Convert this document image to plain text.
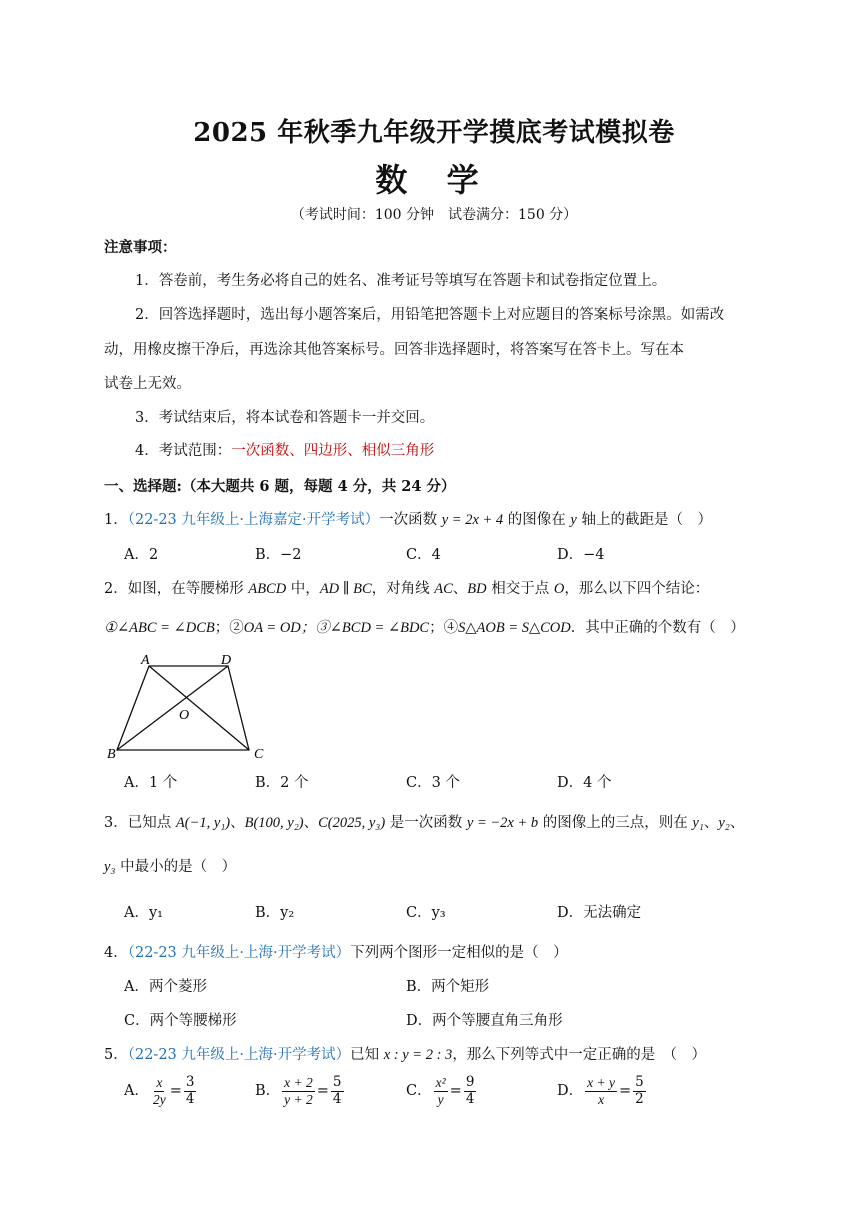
2025 年秋季九年级开学摸底考试模拟卷
数 学
（考试时间：100 分钟　试卷满分：150 分）
注意事项：
1．答卷前，考生务必将自己的姓名、准考证号等填写在答题卡和试卷指定位置上。
2．回答选择题时，选出每小题答案后，用铅笔把答题卡上对应题目的答案标号涂黑。如需改
动，用橡皮擦干净后，再选涂其他答案标号。回答非选择题时，将答案写在答卡上。写在本
试卷上无效。
3．考试结束后，将本试卷和答题卡一并交回。
4．考试范围：一次函数、四边形、相似三角形
一、选择题:（本大题共 6 题，每题 4 分，共 24 分）
1．（22-23 九年级上·上海嘉定·开学考试）一次函数 y = 2x + 4 的图像在 y 轴上的截距是（　）
A．2	B．−2	C．4	D．−4
2．如图，在等腰梯形 ABCD 中，AD ∥ BC，对角线 AC、BD 相交于点 O，那么以下四个结论：
①∠ABC = ∠DCB；②OA = OD；③∠BCD = ∠BDC；④S△AOB = S△COD．其中正确的个数有（　）
A	D
O
B	C
A．1 个	B．2 个	C．3 个	D．4 个
3．已知点 A(−1, y₁)、B(100, y₂)、C(2025, y₃) 是一次函数 y = −2x + b 的图像上的三点，则在 y₁、y₂、
y₃ 中最小的是（　）
A．y₁	B．y₂	C．y₃	D．无法确定
4．（22-23 九年级上·上海·开学考试）下列两个图形一定相似的是（　）
A．两个菱形	B．两个矩形
C．两个等腰梯形	D．两个等腰直角三角形
5．（22-23 九年级上·上海·开学考试）已知 x : y = 2 : 3，那么下列等式中一定正确的是　（　）
A． $\frac{x}{2y} = \frac{3}{4}$	B． $\frac{x + 2}{y + 2} = \frac{5}{4}$	C． $\frac{\text{x²}}{y} = \frac{9}{4}$	D． $\frac{x + y}{x} = \frac{5}{2}$
